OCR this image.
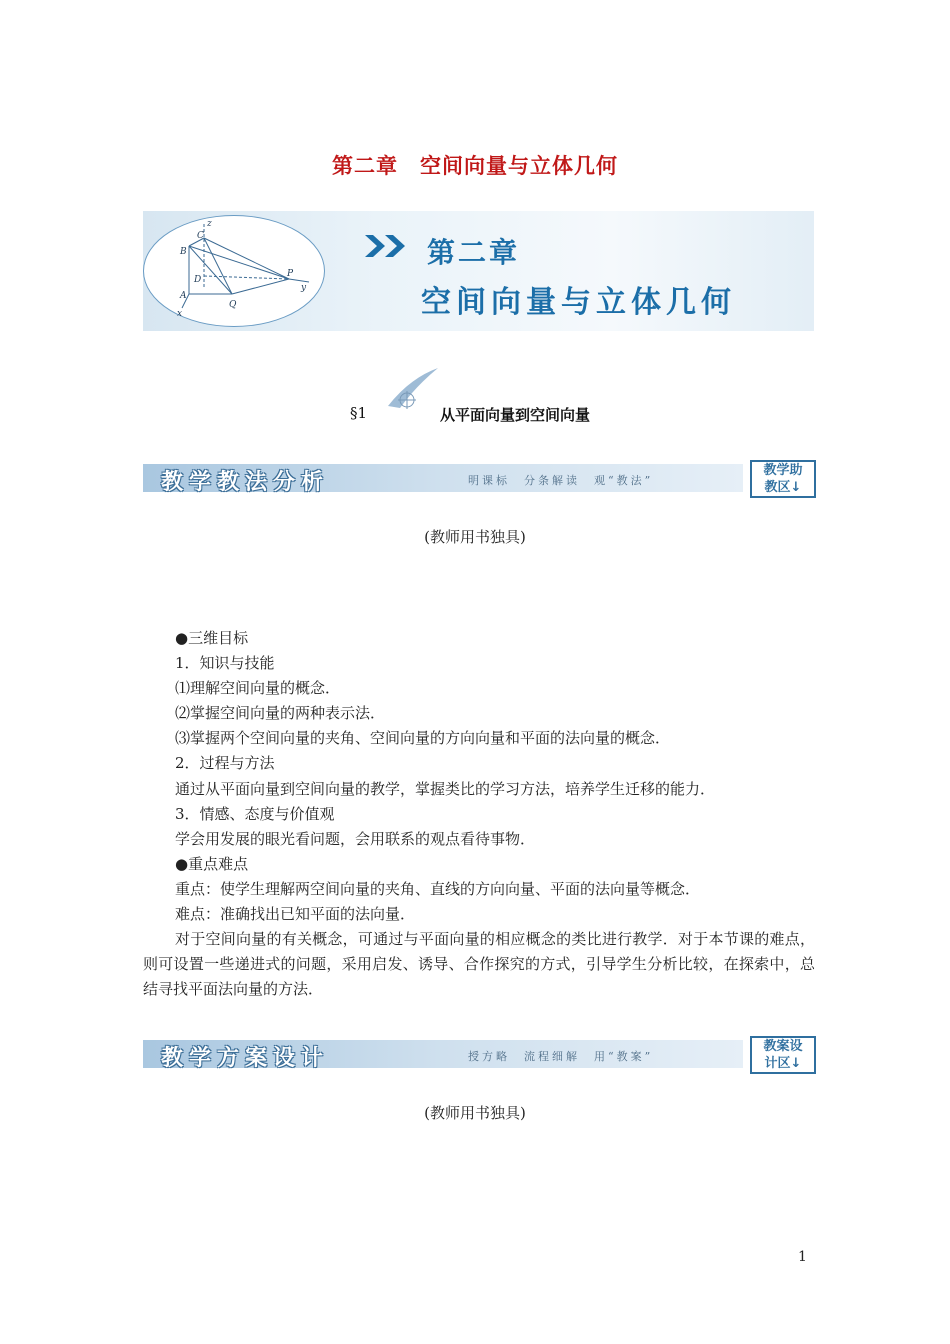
第二章　空间向量与立体几何
z
C
B
D
A
P
y
Q
x
第二章
空间向量与立体几何
§1	从平面向量到空间向量
教学教法分析	明课标　分条解读　观“教法”
教学助
教区↓
(教师用书独具)
●三维目标
1．知识与技能
⑴理解空间向量的概念．
⑵掌握空间向量的两种表示法．
⑶掌握两个空间向量的夹角、空间向量的方向向量和平面的法向量的概念．
2．过程与方法
通过从平面向量到空间向量的教学，掌握类比的学习方法，培养学生迁移的能力．
3．情感、态度与价值观
学会用发展的眼光看问题，会用联系的观点看待事物．
●重点难点
重点：使学生理解两空间向量的夹角、直线的方向向量、平面的法向量等概念．
难点：准确找出已知平面的法向量．
对于空间向量的有关概念，可通过与平面向量的相应概念的类比进行教学．对于本节课的难点，则可设置一些递进式的问题，采用启发、诱导、合作探究的方式，引导学生分析比较，在探索中，总结寻找平面法向量的方法．
教学方案设计	授方略　流程细解　用“教案”
教案设
计区↓
(教师用书独具)
1
